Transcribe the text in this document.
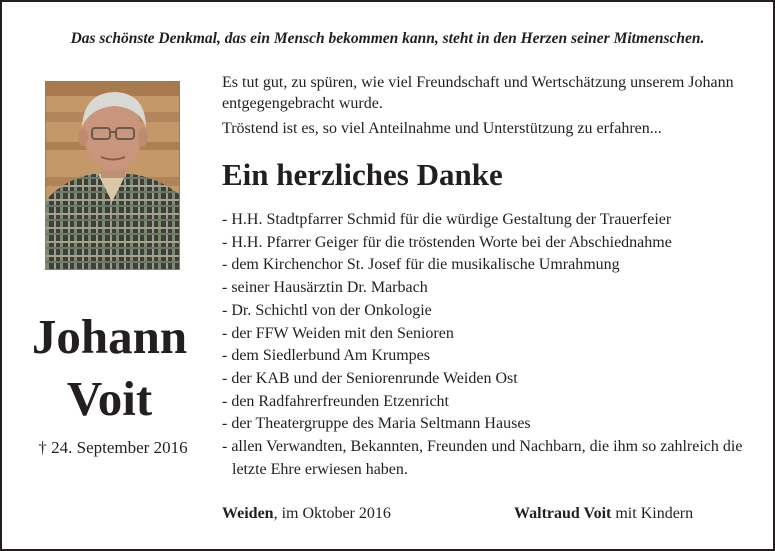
Das schönste Denkmal, das ein Mensch bekommen kann, steht in den Herzen seiner Mitmenschen.
Johann
Voit
† 24. September 2016

Es tut gut, zu spüren, wie viel Freundschaft und Wertschätzung unserem Johann entgegengebracht wurde.

Tröstend ist es, so viel Anteilnahme und Unterstützung zu erfahren...

Ein herzliches Danke
- H.H. Stadtpfarrer Schmid für die würdige Gestaltung der Trauerfeier
- H.H. Pfarrer Geiger für die tröstenden Worte bei der Abschiednahme
- dem Kirchenchor St. Josef für die musikalische Umrahmung
- seiner Hausärztin Dr. Marbach
- Dr. Schichtl von der Onkologie
- der FFW Weiden mit den Senioren
- dem Siedlerbund Am Krumpes
- der KAB und der Seniorenrunde Weiden Ost
- den Radfahrerfreunden Etzenricht
- der Theatergruppe des Maria Seltmann Hauses
- allen Verwandten, Bekannten, Freunden und Nachbarn, die ihm so zahlreich die letzte Ehre erwiesen haben.
Weiden, im Oktober 2016	Waltraud Voit mit Kindern
